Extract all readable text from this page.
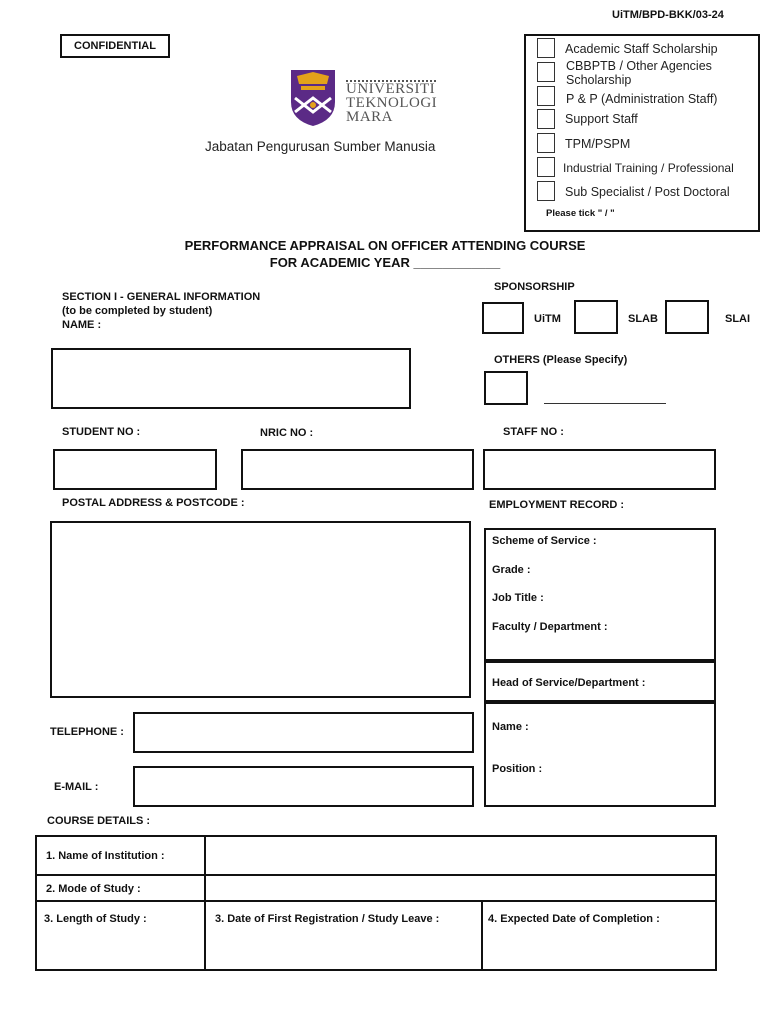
UiTM/BPD-BKK/03-24
CONFIDENTIAL
UNIVERSITI
TEKNOLOGI
MARA
Jabatan Pengurusan Sumber Manusia
Academic Staff Scholarship
CBBPTB / Other Agencies Scholarship
P & P (Administration Staff)
Support Staff
TPM/PSPM
Industrial Training / Professional
Sub Specialist / Post Doctoral
Please tick " / "
PERFORMANCE APPRAISAL ON OFFICER ATTENDING COURSE
FOR ACADEMIC YEAR ____________
SECTION I - GENERAL INFORMATION
(to be completed by student)
NAME :
SPONSORSHIP
UiTM	SLAB	SLAI
OTHERS (Please Specify)
STUDENT NO :	NRIC NO :	STAFF NO :
POSTAL ADDRESS & POSTCODE :	EMPLOYMENT RECORD :
Scheme of Service :
Grade :
Job Title :
Faculty / Department :
Head of Service/Department :
Name :
Position :
TELEPHONE :
E-MAIL :
COURSE DETAILS :
1. Name of Institution :
2. Mode of Study :
3. Length of Study :	3. Date of First Registration / Study Leave :	4. Expected Date of Completion :
